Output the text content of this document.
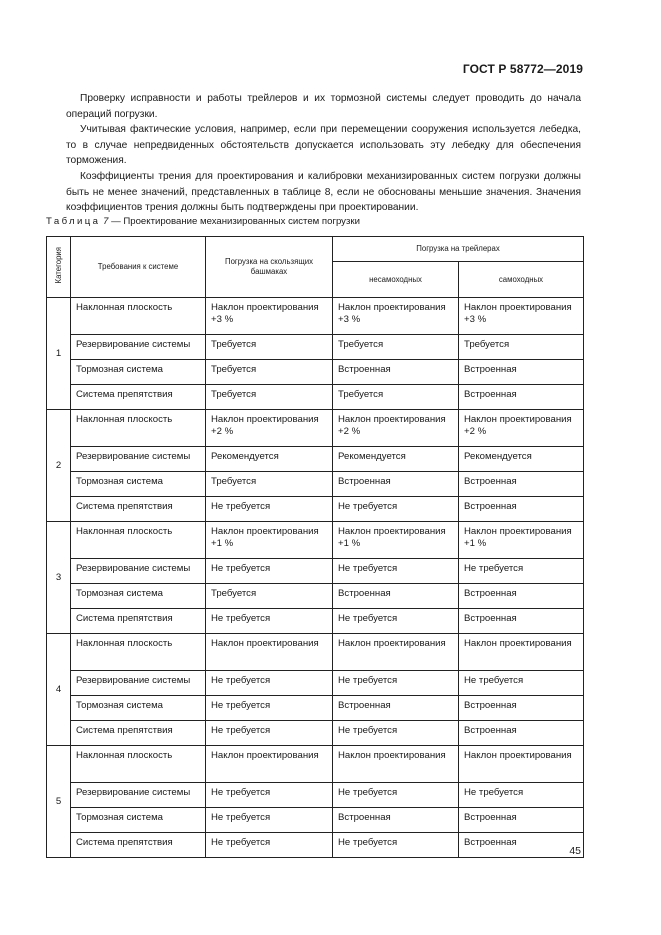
ГОСТ Р 58772—2019

Проверку исправности и работы трейлеров и их тормозной системы следует проводить до начала операций погрузки.

Учитывая фактические условия, например, если при перемещении сооружения используется лебедка, то в случае непредвиденных обстоятельств допускается использовать эту лебедку для обеспечения торможения.

Коэффициенты трения для проектирования и калибровки механизированных систем погрузки должны быть не менее значений, представленных в таблице 8, если не обоснованы меньшие значения. Значения коэффициентов трения должны быть подтверждены при проектировании.

Таблица 7 — Проектирование механизированных систем погрузки
Категория	Требования к системе	Погрузка на скользящих башмаках	Погрузка на трейлерах	
			несамоходных	самоходных
1	Наклонная плоскость	Наклон проектирования +3 %	Наклон проектирования +3 %	Наклон проектирования +3 %
	Резервирование системы	Требуется	Требуется	Требуется
	Тормозная система	Требуется	Встроенная	Встроенная
	Система препятствия	Требуется	Требуется	Встроенная
2	Наклонная плоскость	Наклон проектирования +2 %	Наклон проектирования +2 %	Наклон проектирования +2 %
	Резервирование системы	Рекомендуется	Рекомендуется	Рекомендуется
	Тормозная система	Требуется	Встроенная	Встроенная
	Система препятствия	Не требуется	Не требуется	Встроенная
3	Наклонная плоскость	Наклон проектирования +1 %	Наклон проектирования +1 %	Наклон проектирования +1 %
	Резервирование системы	Не требуется	Не требуется	Не требуется
	Тормозная система	Требуется	Встроенная	Встроенная
	Система препятствия	Не требуется	Не требуется	Встроенная
4	Наклонная плоскость	Наклон проектирования	Наклон проектирования	Наклон проектирования
	Резервирование системы	Не требуется	Не требуется	Не требуется
	Тормозная система	Не требуется	Встроенная	Встроенная
	Система препятствия	Не требуется	Не требуется	Встроенная
5	Наклонная плоскость	Наклон проектирования	Наклон проектирования	Наклон проектирования
	Резервирование системы	Не требуется	Не требуется	Не требуется
	Тормозная система	Не требуется	Встроенная	Встроенная
	Система препятствия	Не требуется	Не требуется	Встроенная
45
